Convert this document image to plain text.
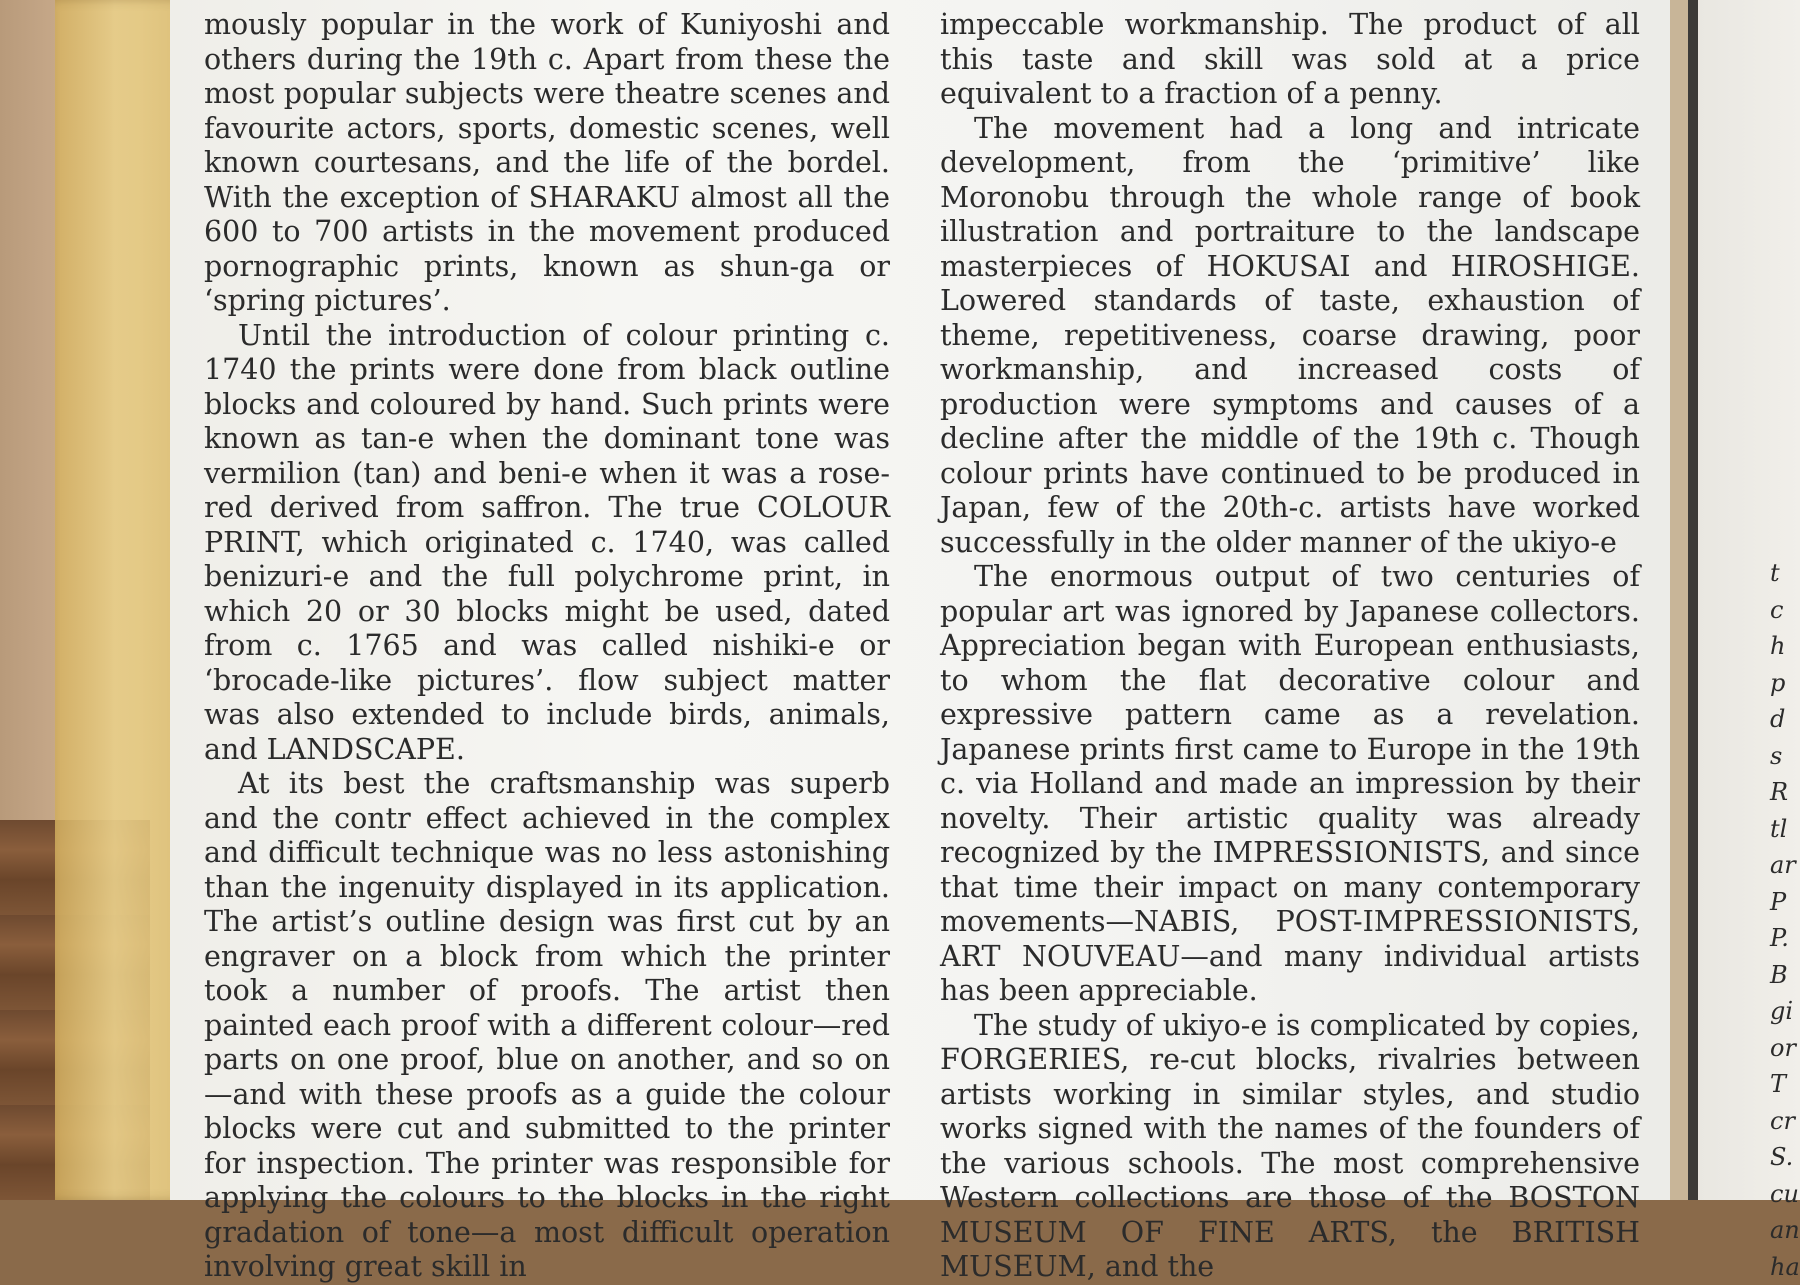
mously popular in the work of Kuniyoshi and others during the 19th c. Apart from these the most popular subjects were theatre scenes and favourite actors, sports, domestic scenes, well known courtesans, and the life of the bordel. With the exception of SHARAKU almost all the 600 to 700 artists in the movement produced pornographic prints, known as shun-ga or ‘spring pictures’.

Until the introduction of colour printing c. 1740 the prints were done from black outline blocks and coloured by hand. Such prints were known as tan-e when the dominant tone was vermilion (tan) and beni-e when it was a rose-red derived from saffron. The true COLOUR PRINT, which originated c. 1740, was called benizuri-e and the full polychrome print, in which 20 or 30 blocks might be used, dated from c. 1765 and was called nishiki-e or ‘brocade-like pictures’. flow subject matter was also extended to include birds, animals, and LANDSCAPE.

At its best the craftsmanship was superb and the contr effect achieved in the complex and difficult technique was no less astonishing than the ingenuity displayed in its application. The artist’s outline design was first cut by an engraver on a block from which the printer took a number of proofs. The artist then painted each proof with a different colour—red parts on one proof, blue on another, and so on—and with these proofs as a guide the colour blocks were cut and submitted to the printer for inspection. The printer was responsible for applying the colours to the blocks in the right gradation of tone—a most difficult operation involving great skill in

impeccable workmanship. The product of all this taste and skill was sold at a price equivalent to a fraction of a penny.

The movement had a long and intricate development, from the ‘primitive’ like Moronobu through the whole range of book illustration and portraiture to the landscape masterpieces of HOKUSAI and HIROSHIGE. Lowered standards of taste, exhaustion of theme, repetitiveness, coarse drawing, poor workmanship, and increased costs of production were symptoms and causes of a decline after the middle of the 19th c. Though colour prints have continued to be produced in Japan, few of the 20th-c. artists have worked successfully in the older manner of the ukiyo-e

The enormous output of two centuries of popular art was ignored by Japanese collectors. Appreciation began with European enthusiasts, to whom the flat decorative colour and expressive pattern came as a revelation. Japanese prints first came to Europe in the 19th c. via Holland and made an impression by their novelty. Their artistic quality was already recognized by the IMPRESSIONISTS, and since that time their impact on many contemporary movements—NABIS, POST-IMPRESSIONISTS, ART NOUVEAU—and many individual artists has been appreciable.

The study of ukiyo-e is complicated by copies, FORGERIES, re-cut blocks, rivalries between artists working in similar styles, and studio works signed with the names of the founders of the various schools. The most comprehensive Western collections are those of the BOSTON MUSEUM OF FINE ARTS, the BRITISH MUSEUM, and the

t
c
h
p
d
s
R
tl
ar
P
P.
B
gi
or
T
cr
S.
cu
an
ha
